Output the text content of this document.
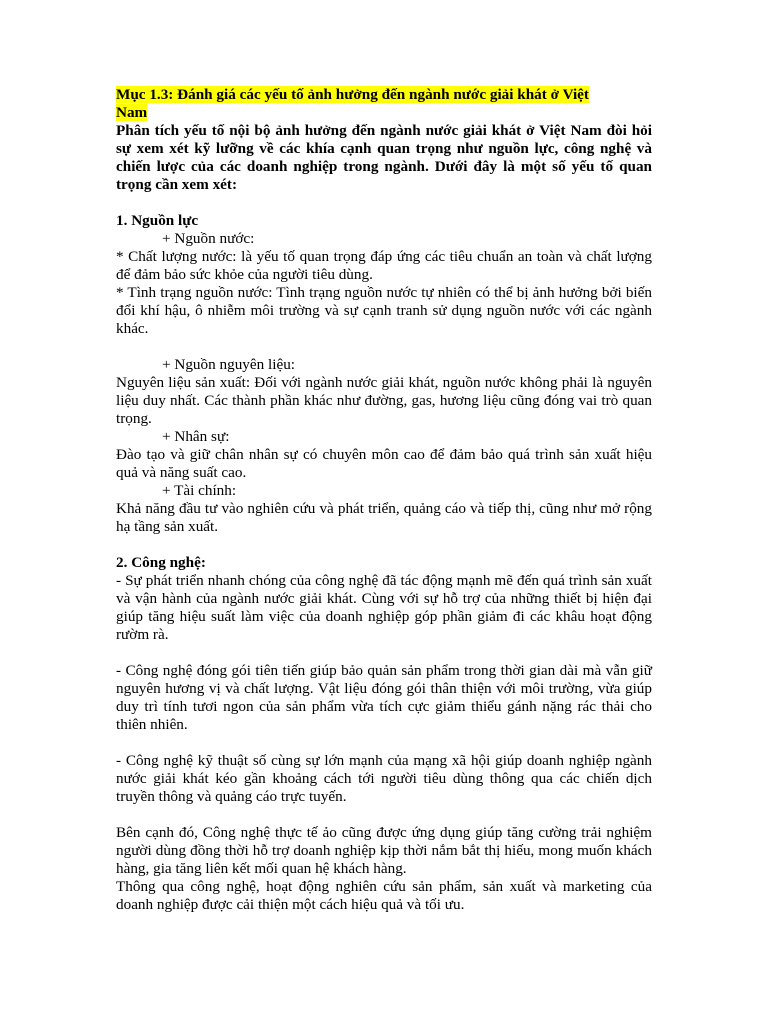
Mục 1.3: Đánh giá các yếu tố ảnh hưởng đến ngành nước giải khát ở Việt
Nam

Phân tích yếu tố nội bộ ảnh hưởng đến ngành nước giải khát ở Việt Nam đòi hỏi sự xem xét kỹ lưỡng về các khía cạnh quan trọng như nguồn lực, công nghệ và chiến lược của các doanh nghiệp trong ngành. Dưới đây là một số yếu tố quan trọng cần xem xét:

1. Nguồn lực

+ Nguồn nước:

* Chất lượng nước: là yếu tố quan trọng đáp ứng các tiêu chuẩn an toàn và chất lượng để đảm bảo sức khỏe của người tiêu dùng.

* Tình trạng nguồn nước: Tình trạng nguồn nước tự nhiên có thể bị ảnh hưởng bởi biến đổi khí hậu, ô nhiễm môi trường và sự cạnh tranh sử dụng nguồn nước với các ngành khác.

+ Nguồn nguyên liệu:

Nguyên liệu sản xuất: Đối với ngành nước giải khát, nguồn nước không phải là nguyên liệu duy nhất. Các thành phần khác như đường, gas, hương liệu cũng đóng vai trò quan trọng.

+ Nhân sự:

Đào tạo và giữ chân nhân sự có chuyên môn cao để đảm bảo quá trình sản xuất hiệu quả và năng suất cao.

+ Tài chính:

Khả năng đầu tư vào nghiên cứu và phát triển, quảng cáo và tiếp thị, cũng như mở rộng hạ tầng sản xuất.

2. Công nghệ:

- Sự phát triển nhanh chóng của công nghệ đã tác động mạnh mẽ đến quá trình sản xuất và vận hành của ngành nước giải khát. Cùng với sự hỗ trợ của những thiết bị hiện đại giúp tăng hiệu suất làm việc của doanh nghiệp góp phần giảm đi các khâu hoạt động rườm rà.

- Công nghệ đóng gói tiên tiến giúp bảo quản sản phẩm trong thời gian dài mà vẫn giữ nguyên hương vị và chất lượng. Vật liệu đóng gói thân thiện với môi trường, vừa giúp duy trì tính tươi ngon của sản phẩm vừa tích cực giảm thiểu gánh nặng rác thải cho thiên nhiên.

- Công nghệ kỹ thuật số cùng sự lớn mạnh của mạng xã hội giúp doanh nghiệp ngành nước giải khát kéo gần khoảng cách tới người tiêu dùng thông qua các chiến dịch truyền thông và quảng cáo trực tuyến.

Bên cạnh đó, Công nghệ thực tế ảo cũng được ứng dụng giúp tăng cường trải nghiệm người dùng đồng thời hỗ trợ doanh nghiệp kịp thời nắm bắt thị hiếu, mong muốn khách hàng, gia tăng liên kết mối quan hệ khách hàng.

Thông qua công nghệ, hoạt động nghiên cứu sản phẩm, sản xuất và marketing của doanh nghiệp được cải thiện một cách hiệu quả và tối ưu.
